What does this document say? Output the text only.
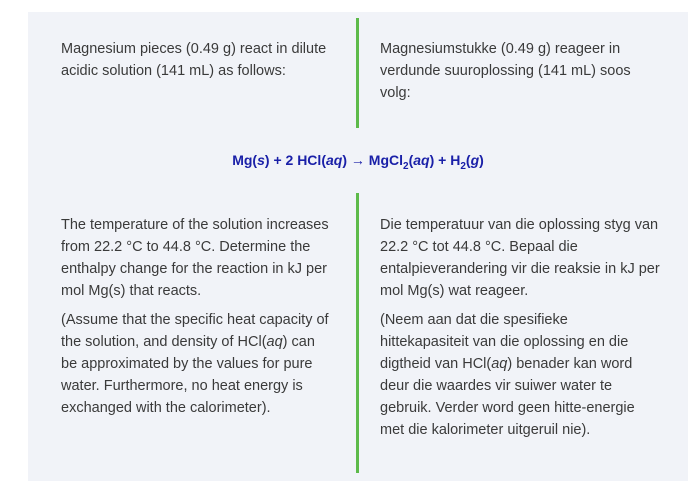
Magnesium pieces (0.49 g) react in dilute acidic solution (141 mL) as follows:

Magnesiumstukke (0.49 g) reageer in verdunde suuroplossing (141 mL) soos volg:

Mg(s) + 2 HCl(aq) → MgCl$_2$(aq) + $H_2(g)$

The temperature of the solution increases from 22.2 °C to 44.8 °C. Determine the enthalpy change for the reaction in kJ per mol Mg(s) that reacts.

(Assume that the specific heat capacity of the solution, and density of HCl(aq) can be approximated by the values for pure water. Furthermore, no heat energy is exchanged with the calorimeter).

Die temperatuur van die oplossing styg van 22.2 °C tot 44.8 °C. Bepaal die entalpieverandering vir die reaksie in kJ per mol Mg(s) wat reageer.

(Neem aan dat die spesifieke hittekapasiteit van die oplossing en die digtheid van HCl(aq) benader kan word deur die waardes vir suiwer water te gebruik. Verder word geen hitte-energie met die kalorimeter uitgeruil nie).
